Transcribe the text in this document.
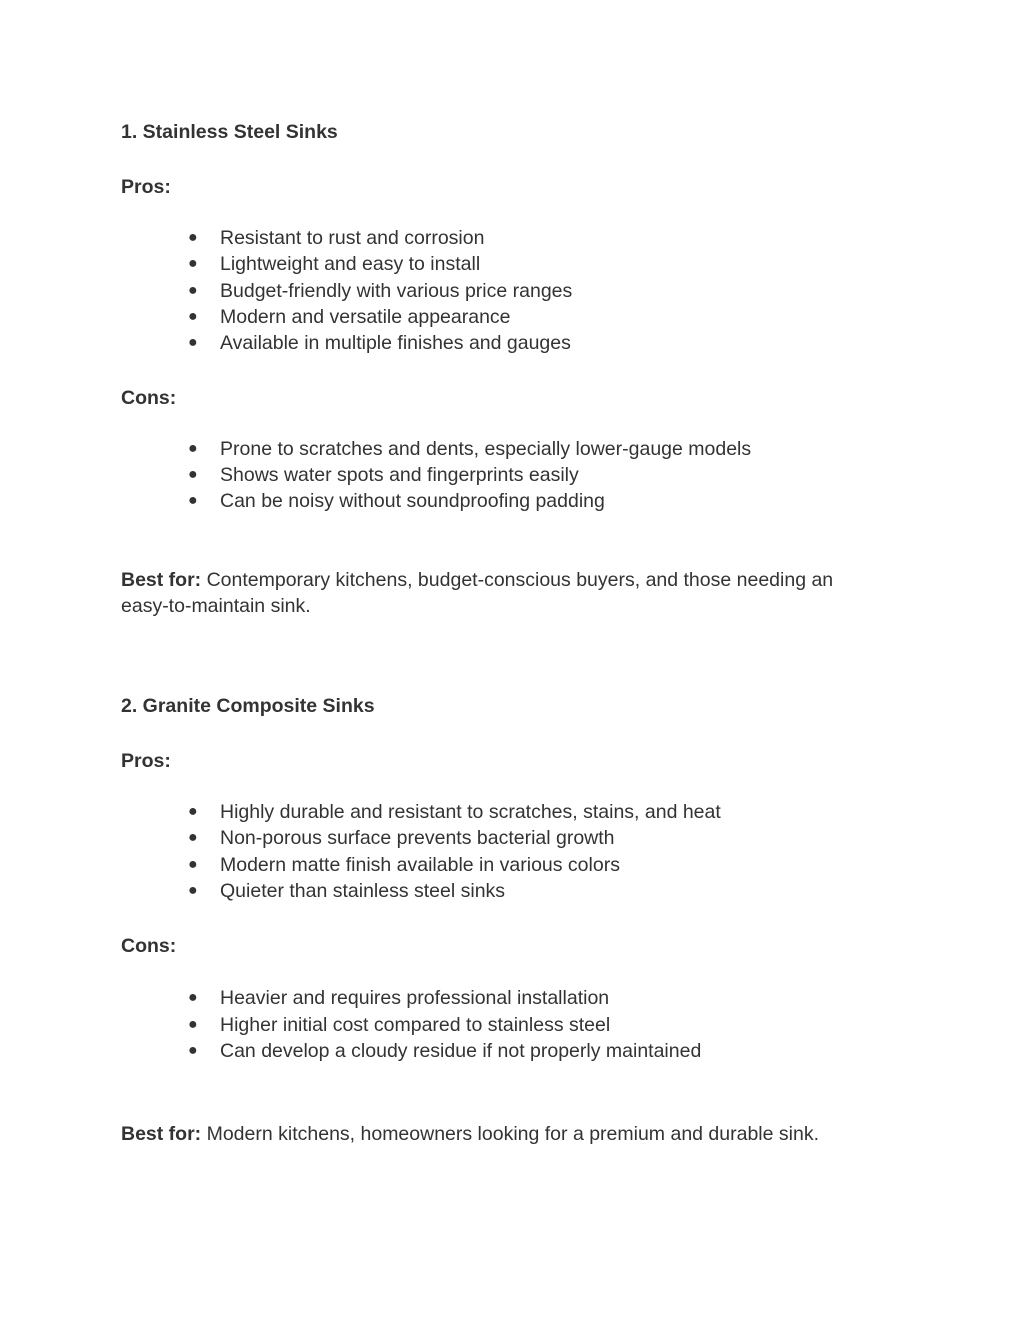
1. Stainless Steel Sinks
Pros:
● Resistant to rust and corrosion
● Lightweight and easy to install
● Budget-friendly with various price ranges
● Modern and versatile appearance
● Available in multiple finishes and gauges
Cons:
● Prone to scratches and dents, especially lower-gauge models
● Shows water spots and fingerprints easily
● Can be noisy without soundproofing padding
Best for: Contemporary kitchens, budget-conscious buyers, and those needing an easy-to-maintain sink.
2. Granite Composite Sinks
Pros:
● Highly durable and resistant to scratches, stains, and heat
● Non-porous surface prevents bacterial growth
● Modern matte finish available in various colors
● Quieter than stainless steel sinks
Cons:
● Heavier and requires professional installation
● Higher initial cost compared to stainless steel
● Can develop a cloudy residue if not properly maintained
Best for: Modern kitchens, homeowners looking for a premium and durable sink.
